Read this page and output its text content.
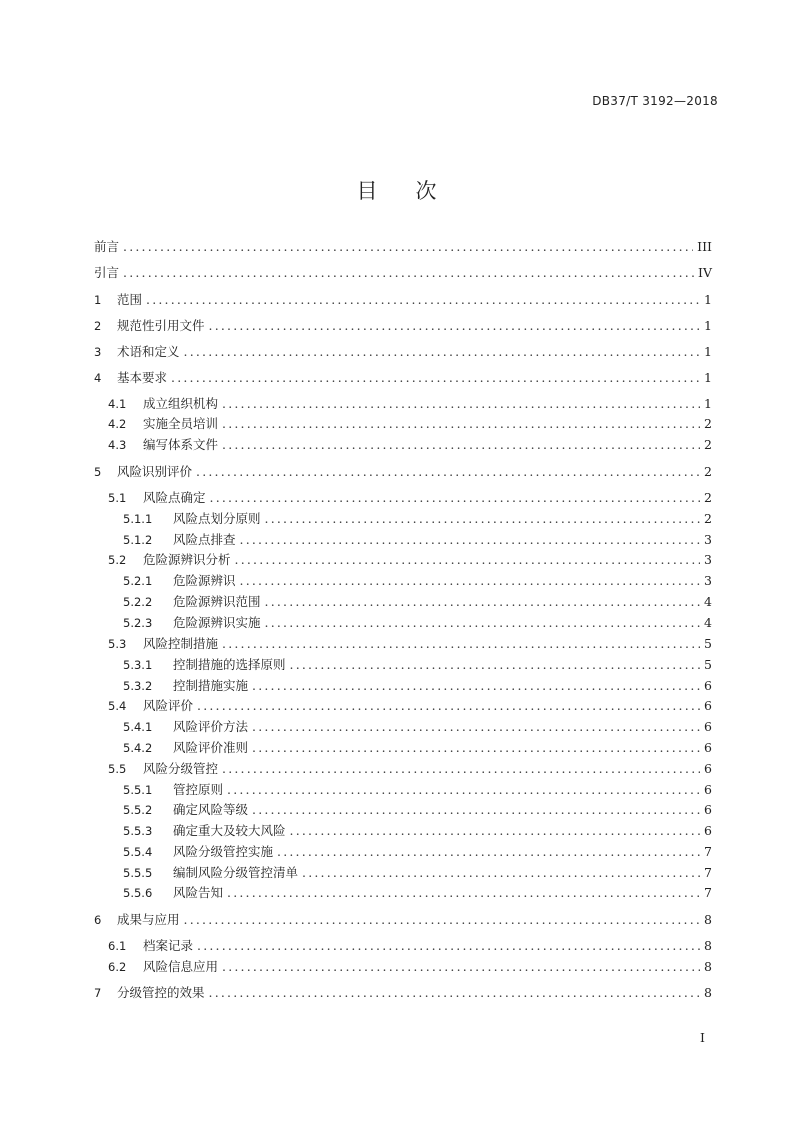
DB37/T 3192—2018
目 次
前言 .....	III
引言 .....	IV
1	范围 .....	1
2	规范性引用文件 .....	1
3	术语和定义 .....	1
4	基本要求 .....	1
4.1	成立组织机构 .....	1
4.2	实施全员培训 .....	2
4.3	编写体系文件 .....	2
5	风险识别评价 .....	2
5.1	风险点确定 .....	2
5.1.1	风险点划分原则 .....	2
5.1.2	风险点排查 .....	3
5.2	危险源辨识分析 .....	3
5.2.1	危险源辨识 .....	3
5.2.2	危险源辨识范围 .....	4
5.2.3	危险源辨识实施 .....	4
5.3	风险控制措施 .....	5
5.3.1	控制措施的选择原则 .....	5
5.3.2	控制措施实施 .....	6
5.4	风险评价 .....	6
5.4.1	风险评价方法 .....	6
5.4.2	风险评价准则 .....	6
5.5	风险分级管控 .....	6
5.5.1	管控原则 .....	6
5.5.2	确定风险等级 .....	6
5.5.3	确定重大及较大风险 .....	6
5.5.4	风险分级管控实施 .....	7
5.5.5	编制风险分级管控清单 .....	7
5.5.6	风险告知 .....	7
6	成果与应用 .....	8
6.1	档案记录 .....	8
6.2	风险信息应用 .....	8
7	分级管控的效果 .....	8
I
